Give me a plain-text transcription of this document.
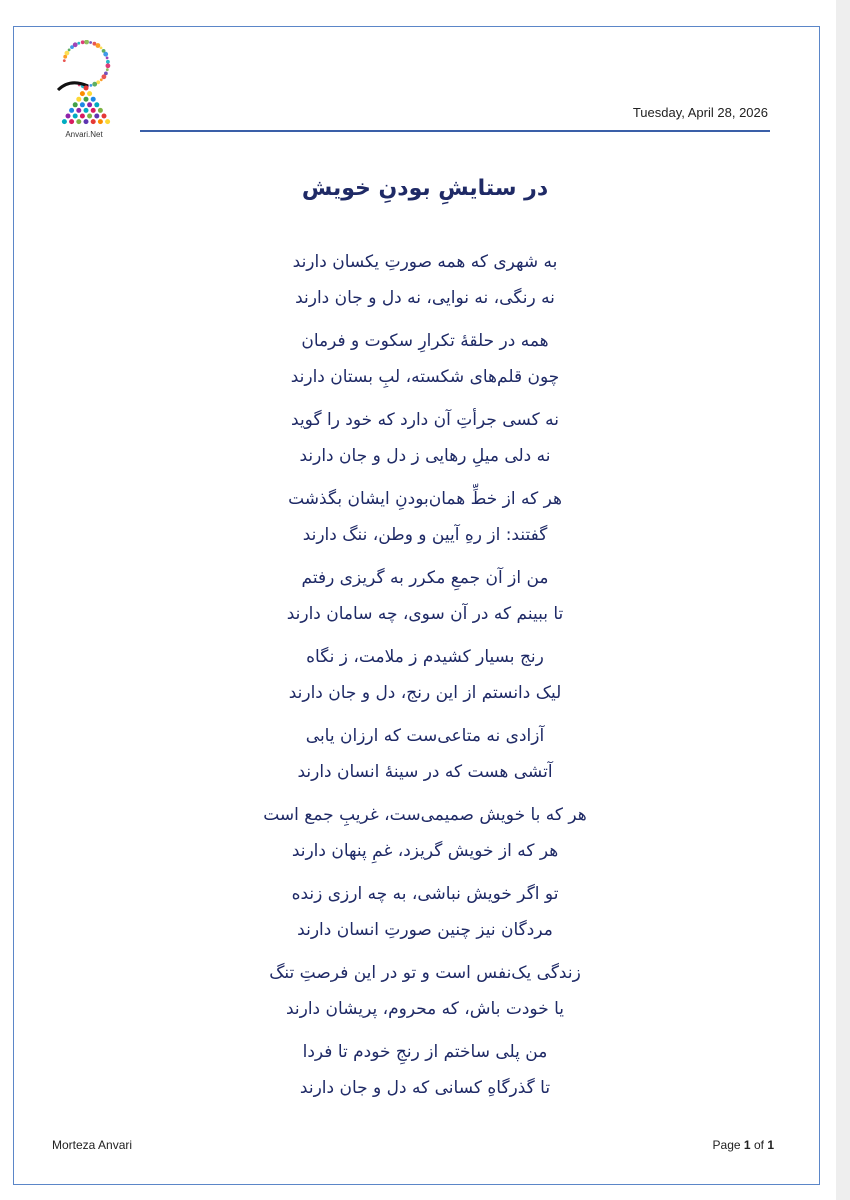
Anvari.Net
Tuesday, April 28, 2026
در ستایشِ بودنِ خویش
به شهری که همه صورتِ یکسان دارند
نه رنگی، نه نوایی، نه دل و جان دارند
همه در حلقهٔ تکرارِ سکوت و فرمان
چون قلم‌های شکسته، لبِ بستان دارند
نه کسی جرأتِ آن دارد که خود را گوید
نه دلی میلِ رهایی ز دل و جان دارند
هر که از خطِّ همان‌بودنِ ایشان بگذشت
گفتند: از رهِ آیین و وطن، ننگ دارند
من از آن جمعِ مکرر به گریزی رفتم
تا ببینم که در آن سوی، چه سامان دارند
رنج بسیار کشیدم ز ملامت، ز نگاه
لیک دانستم از این رنج، دل و جان دارند
آزادی نه متاعی‌ست که ارزان یابی
آتشی هست که در سینهٔ انسان دارند
هر که با خویش صمیمی‌ست، غریبِ جمع است
هر که از خویش گریزد، غمِ پنهان دارند
تو اگر خویش نباشی، به چه ارزی زنده
مردگان نیز چنین صورتِ انسان دارند
زندگی یک‌نفس است و تو در این فرصتِ تنگ
یا خودت باش، که محروم، پریشان دارند
من پلی ساختم از رنجِ خودم تا فردا
تا گذرگاهِ کسانی که دل و جان دارند
Morteza Anvari	Page 1 of 1
